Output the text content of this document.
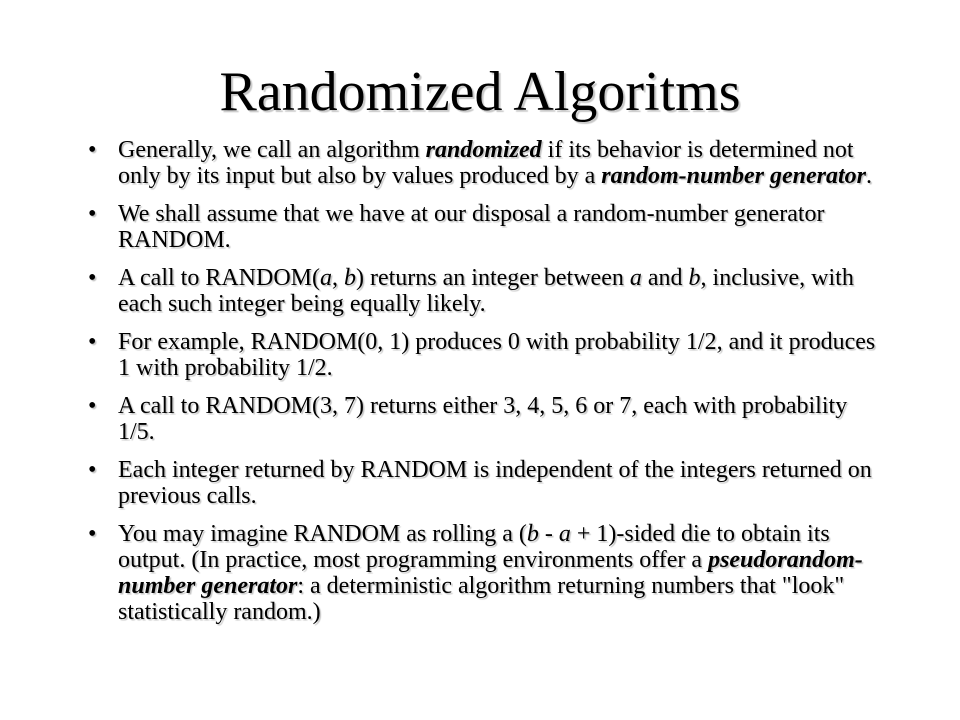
Randomized Algoritms
• Generally, we call an algorithm randomized if its behavior is determined not only by its input but also by values produced by a random-number generator.
• We shall assume that we have at our disposal a random-number generator RANDOM.
• A call to RANDOM(a, b) returns an integer between a and b, inclusive, with each such integer being equally likely.
• For example, RANDOM(0, 1) produces 0 with probability 1/2, and it produces 1 with probability 1/2.
• A call to RANDOM(3, 7) returns either 3, 4, 5, 6 or 7, each with probability 1/5.
• Each integer returned by RANDOM is independent of the integers returned on previous calls.
• You may imagine RANDOM as rolling a (b - a + 1)-sided die to obtain its output. (In practice, most programming environments offer a pseudorandom-number generator: a deterministic algorithm returning numbers that "look" statistically random.)
